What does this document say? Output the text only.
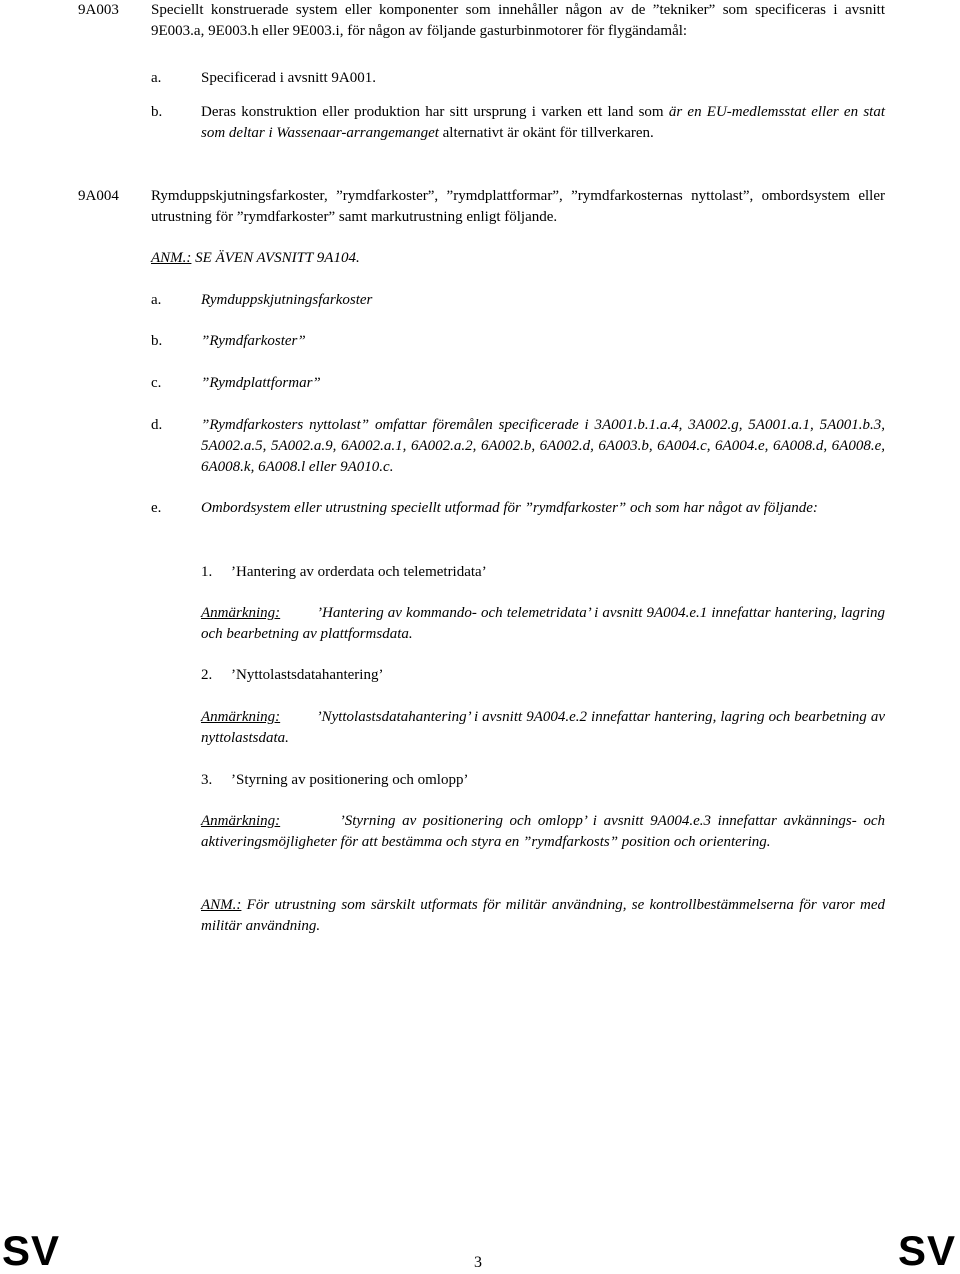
9A003 Speciellt konstruerade system eller komponenter som innehåller någon av de ”tekniker” som specificeras i avsnitt 9E003.a, 9E003.h eller 9E003.i, för någon av följande gasturbinmotorer för flygändamål:
a.	Specificerad i avsnitt 9A001.
b.	Deras konstruktion eller produktion har sitt ursprung i varken ett land som är en EU-medlemsstat eller en stat som deltar i Wassenaar-arrangemanget alternativt är okänt för tillverkaren.
9A004 Rymduppskjutningsfarkoster, ”rymdfarkoster”, ”rymdplattformar”, ”rymdfarkosternas nyttolast”, ombordsystem eller utrustning för ”rymdfarkoster” samt markutrustning enligt följande.
ANM.: SE ÄVEN AVSNITT 9A104.
a.	Rymduppskjutningsfarkoster
b.	”Rymdfarkoster”
c.	”Rymdplattformar”
d.	”Rymdfarkosters nyttolast” omfattar föremålen specificerade i 3A001.b.1.a.4, 3A002.g, 5A001.a.1, 5A001.b.3, 5A002.a.5, 5A002.a.9, 6A002.a.1, 6A002.a.2, 6A002.b, 6A002.d, 6A003.b, 6A004.c, 6A004.e, 6A008.d, 6A008.e, 6A008.k, 6A008.l eller 9A010.c.
e.	Ombordsystem eller utrustning speciellt utformad för ”rymdfarkoster” och som har något av följande:
1. ’Hantering av orderdata och telemetridata’
Anmärkning: ’Hantering av kommando- och telemetridata’ i avsnitt 9A004.e.1 innefattar hantering, lagring och bearbetning av plattformsdata.
2. ’Nyttolastsdatahantering’
Anmärkning: ’Nyttolastsdatahantering’ i avsnitt 9A004.e.2 innefattar hantering, lagring och bearbetning av nyttolastsdata.
3. ’Styrning av positionering och omlopp’
Anmärkning:	’Styrning av positionering och omlopp’ i avsnitt 9A004.e.3 innefattar avkännings- och aktiveringsmöjligheter för att bestämma och styra en ”rymdfarkosts” position och orientering.
ANM.: För utrustning som särskilt utformats för militär användning, se kontrollbestämmelserna för varor med militär användning.
SV	3	SV
